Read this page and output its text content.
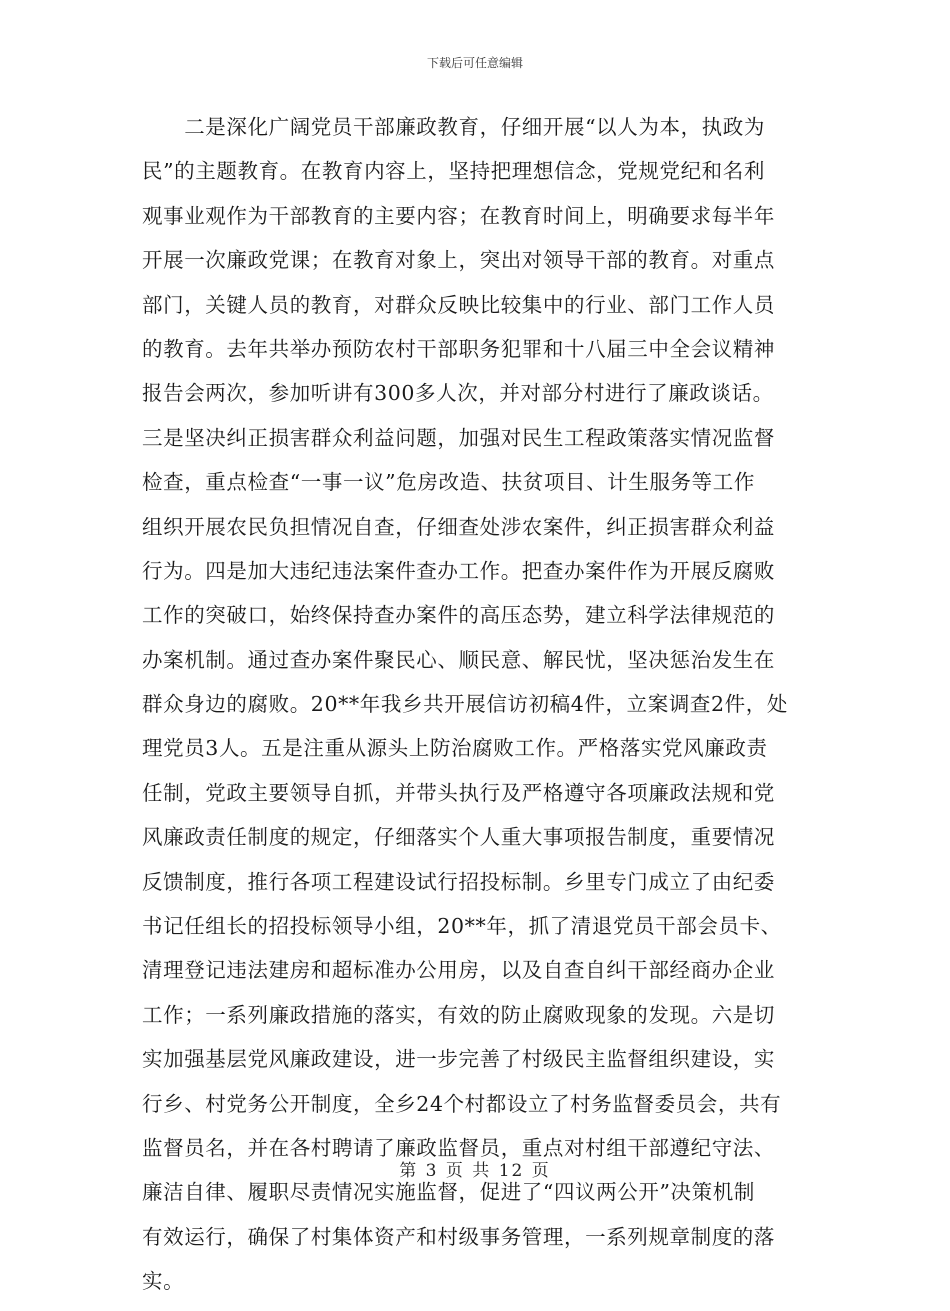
下载后可任意编辑
　　二是深化广阔党员干部廉政教育，仔细开展“以人为本，执政为
民”的主题教育。在教育内容上，坚持把理想信念，党规党纪和名利
观事业观作为干部教育的主要内容；在教育时间上，明确要求每半年
开展一次廉政党课；在教育对象上，突出对领导干部的教育。对重点
部门，关键人员的教育，对群众反映比较集中的行业、部门工作人员
的教育。去年共举办预防农村干部职务犯罪和十八届三中全会议精神
报告会两次，参加听讲有300多人次，并对部分村进行了廉政谈话。
三是坚决纠正损害群众利益问题，加强对民生工程政策落实情况监督
检查，重点检查“一事一议”危房改造、扶贫项目、计生服务等工作
组织开展农民负担情况自查，仔细查处涉农案件，纠正损害群众利益
行为。四是加大违纪违法案件查办工作。把查办案件作为开展反腐败
工作的突破口，始终保持查办案件的高压态势，建立科学法律规范的
办案机制。通过查办案件聚民心、顺民意、解民忧，坚决惩治发生在
群众身边的腐败。20**年我乡共开展信访初稿4件，立案调查2件，处
理党员3人。五是注重从源头上防治腐败工作。严格落实党风廉政责
任制，党政主要领导自抓，并带头执行及严格遵守各项廉政法规和党
风廉政责任制度的规定，仔细落实个人重大事项报告制度，重要情况
反馈制度，推行各项工程建设试行招投标制。乡里专门成立了由纪委
书记任组长的招投标领导小组，20**年，抓了清退党员干部会员卡、
清理登记违法建房和超标准办公用房，以及自查自纠干部经商办企业
工作；一系列廉政措施的落实，有效的防止腐败现象的发现。六是切
实加强基层党风廉政建设，进一步完善了村级民主监督组织建设，实
行乡、村党务公开制度，全乡24个村都设立了村务监督委员会，共有
监督员名，并在各村聘请了廉政监督员，重点对村组干部遵纪守法、
廉洁自律、履职尽责情况实施监督，促进了“四议两公开”决策机制
有效运行，确保了村集体资产和村级事务管理，一系列规章制度的落
实。
第 3 页 共 12 页
